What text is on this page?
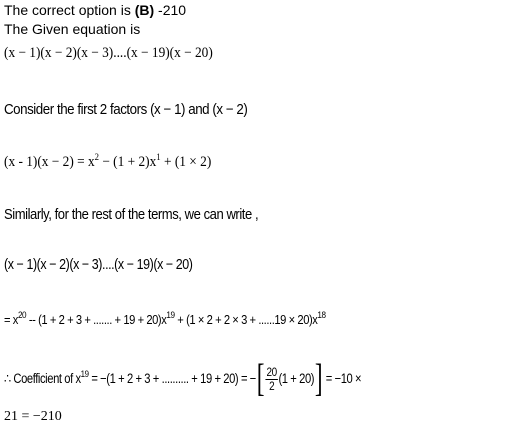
The correct option is (B) -210
The Given equation is
(x − 1)(x − 2)(x − 3)....(x − 19)(x − 20)
Consider the first 2 factors (x − 1) and (x − 2)
$(x - 1)(x - 2) = x^2 - (1 + 2)x^1 + (1 \times 2)$
Similarly, for the rest of the terms, we can write ,
(x − 1)(x − 2)(x − 3)....(x − 19)(x − 20)
= $x^{20} -- (1 + 2 + 3$ + ....... + $19 + 20)x^{19} + (1 \times 2 + 2 \times 3 + ......19 \times 20)x^{18}$
∴ Coefficient of $x^{19} = -(1 + 2 + 3$ + .......... + 19 + 20) = −[ $\frac{20}{2} (1 + 20)] = -10$ ×
21 = −210
